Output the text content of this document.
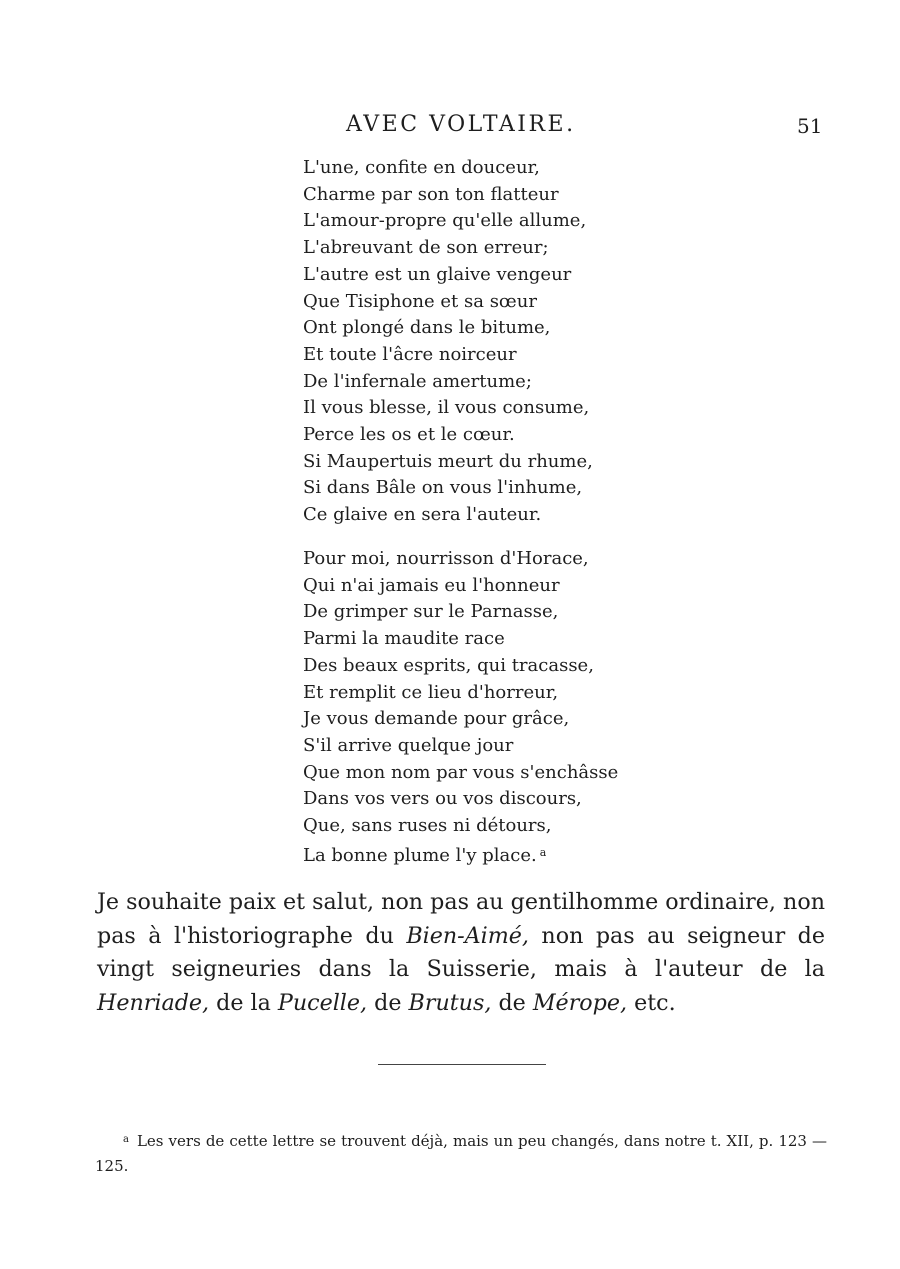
AVEC VOLTAIRE.	51
L'une, confite en douceur,
Charme par son ton flatteur
L'amour-propre qu'elle allume,
L'abreuvant de son erreur;
L'autre est un glaive vengeur
Que Tisiphone et sa sœur
Ont plongé dans le bitume,
Et toute l'âcre noirceur
De l'infernale amertume;
Il vous blesse, il vous consume,
Perce les os et le cœur.
Si Maupertuis meurt du rhume,
Si dans Bâle on vous l'inhume,
Ce glaive en sera l'auteur.
Pour moi, nourrisson d'Horace,
Qui n'ai jamais eu l'honneur
De grimper sur le Parnasse,
Parmi la maudite race
Des beaux esprits, qui tracasse,
Et remplit ce lieu d'horreur,
Je vous demande pour grâce,
S'il arrive quelque jour
Que mon nom par vous s'enchâsse
Dans vos vers ou vos discours,
Que, sans ruses ni détours,
La bonne plume l'y place. $^a$

Je souhaite paix et salut, non pas au gentilhomme ordinaire, non pas à l'historiographe du Bien-Aimé, non pas au seigneur de vingt seigneuries dans la Suisserie, mais à l'auteur de la Henriade, de la Pucelle, de Brutus, de Mérope, etc.

$^a$ Les vers de cette lettre se trouvent déjà, mais un peu changés, dans notre t. XII, p. 123 — 125.
